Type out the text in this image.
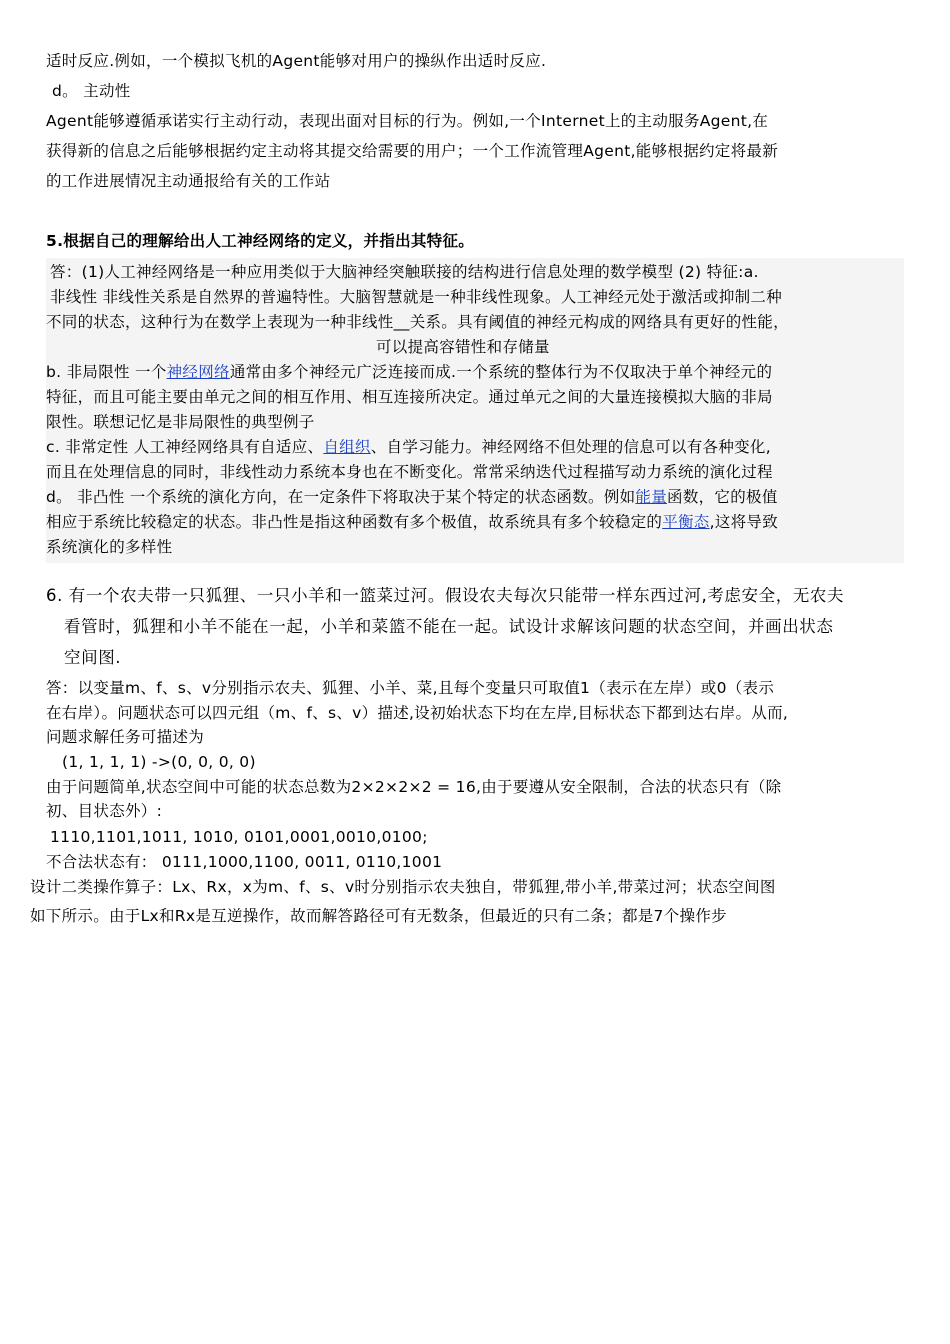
适时反应.例如，一个模拟飞机的Agent能够对用户的操纵作出适时反应.
d。 主动性
Agent能够遵循承诺实行主动行动，表现出面对目标的行为。例如,一个Internet上的主动服务Agent,在
获得新的信息之后能够根据约定主动将其提交给需要的用户；一个工作流管理Agent,能够根据约定将最新
的工作进展情况主动通报给有关的工作站
5.根据自己的理解给出人工神经网络的定义，并指出其特征。
答：(1)人工神经网络是一种应用类似于大脑神经突触联接的结构进行信息处理的数学模型 (2) 特征:a.
非线性 非线性关系是自然界的普遍特性。大脑智慧就是一种非线性现象。人工神经元处于激活或抑制二种
不同的状态，这种行为在数学上表现为一种非线性__关系。具有阈值的神经元构成的网络具有更好的性能，
可以提高容错性和存储量
b. 非局限性 一个神经网络通常由多个神经元广泛连接而成.一个系统的整体行为不仅取决于单个神经元的
特征，而且可能主要由单元之间的相互作用、相互连接所决定。通过单元之间的大量连接模拟大脑的非局
限性。联想记忆是非局限性的典型例子
c. 非常定性 人工神经网络具有自适应、自组织、自学习能力。神经网络不但处理的信息可以有各种变化,
而且在处理信息的同时，非线性动力系统本身也在不断变化。常常采纳迭代过程描写动力系统的演化过程
d。 非凸性 一个系统的演化方向，在一定条件下将取决于某个特定的状态函数。例如能量函数，它的极值
相应于系统比较稳定的状态。非凸性是指这种函数有多个极值，故系统具有多个较稳定的平衡态,这将导致
系统演化的多样性
6. 有一个农夫带一只狐狸、一只小羊和一篮菜过河。假设农夫每次只能带一样东西过河,考虑安全，无农夫
看管时，狐狸和小羊不能在一起，小羊和菜篮不能在一起。试设计求解该问题的状态空间，并画出状态
空间图.
答：以变量m、f、s、v分别指示农夫、狐狸、小羊、菜,且每个变量只可取值1（表示在左岸）或0（表示
在右岸）。问题状态可以四元组（m、f、s、v）描述,设初始状态下均在左岸,目标状态下都到达右岸。从而,
问题求解任务可描述为
(1, 1, 1, 1) ->(0, 0, 0, 0)
由于问题简单,状态空间中可能的状态总数为2×2×2×2 = 16,由于要遵从安全限制，合法的状态只有（除
初、目状态外）:
1110,1101,1011, 1010, 0101,0001,0010,0100;
不合法状态有： 0111,1000,1100, 0011, 0110,1001
设计二类操作算子：Lx、Rx，x为m、f、s、v时分别指示农夫独自，带狐狸,带小羊,带菜过河；状态空间图
如下所示。由于Lx和Rx是互逆操作，故而解答路径可有无数条，但最近的只有二条；都是7个操作步
